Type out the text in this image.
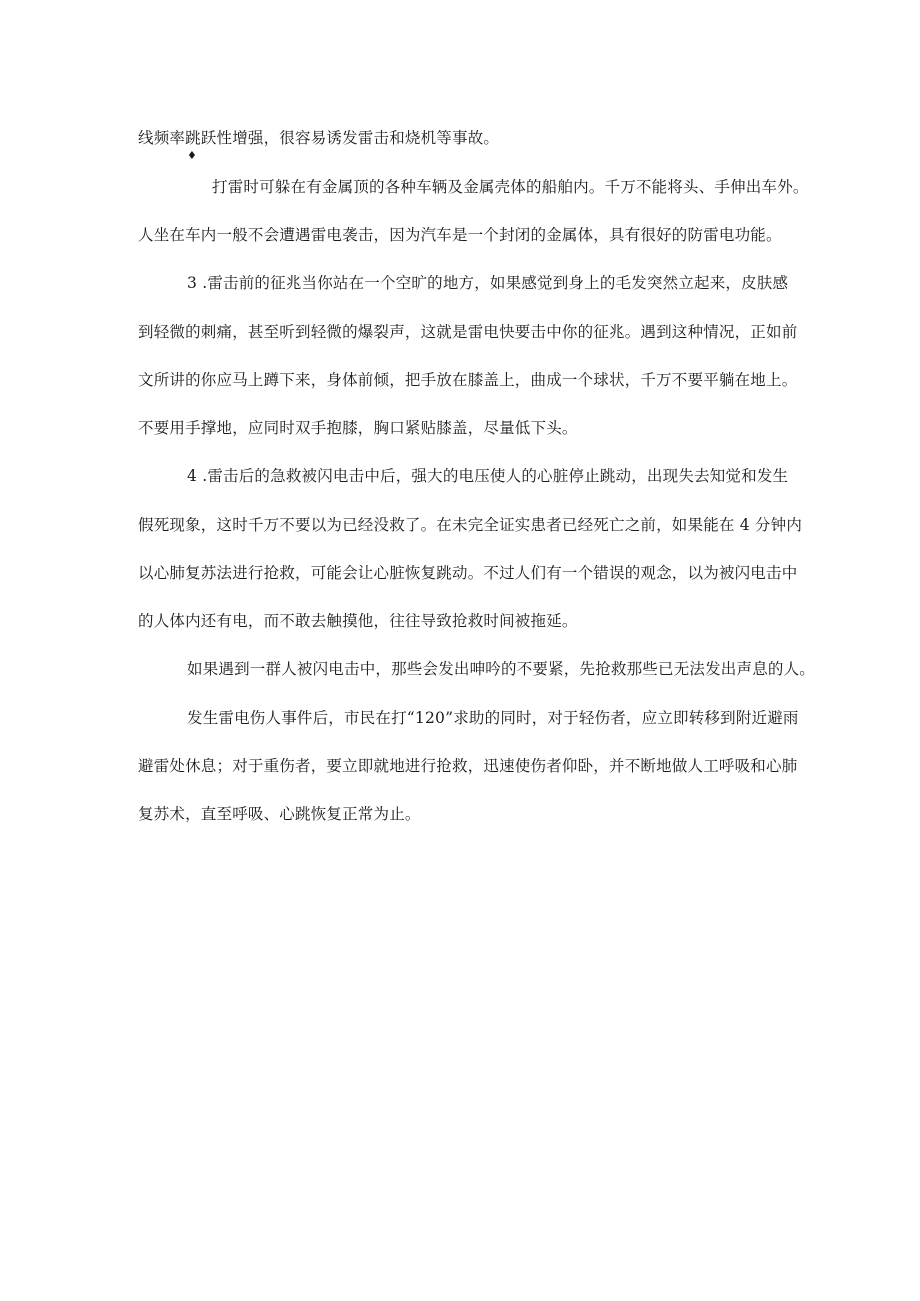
线频率跳跃性增强，很容易诱发雷击和烧机等事故。
♦
打雷时可躲在有金属顶的各种车辆及金属壳体的船舶内。千万不能将头、手伸出车外。
人坐在车内一般不会遭遇雷电袭击，因为汽车是一个封闭的金属体，具有很好的防雷电功能。
3 .雷击前的征兆当你站在一个空旷的地方，如果感觉到身上的毛发突然立起来，皮肤感
到轻微的刺痛，甚至听到轻微的爆裂声，这就是雷电快要击中你的征兆。遇到这种情况，正如前
文所讲的你应马上蹲下来，身体前倾，把手放在膝盖上，曲成一个球状，千万不要平躺在地上。
不要用手撑地，应同时双手抱膝，胸口紧贴膝盖，尽量低下头。
4 .雷击后的急救被闪电击中后，强大的电压使人的心脏停止跳动，出现失去知觉和发生
假死现象，这时千万不要以为已经没救了。在未完全证实患者已经死亡之前，如果能在 4 分钟内
以心肺复苏法进行抢救，可能会让心脏恢复跳动。不过人们有一个错误的观念，以为被闪电击中
的人体内还有电，而不敢去触摸他，往往导致抢救时间被拖延。
如果遇到一群人被闪电击中，那些会发出呻吟的不要紧，先抢救那些已无法发出声息的人。
发生雷电伤人事件后，市民在打“120”求助的同时，对于轻伤者，应立即转移到附近避雨
避雷处休息；对于重伤者，要立即就地进行抢救，迅速使伤者仰卧，并不断地做人工呼吸和心肺
复苏术，直至呼吸、心跳恢复正常为止。
